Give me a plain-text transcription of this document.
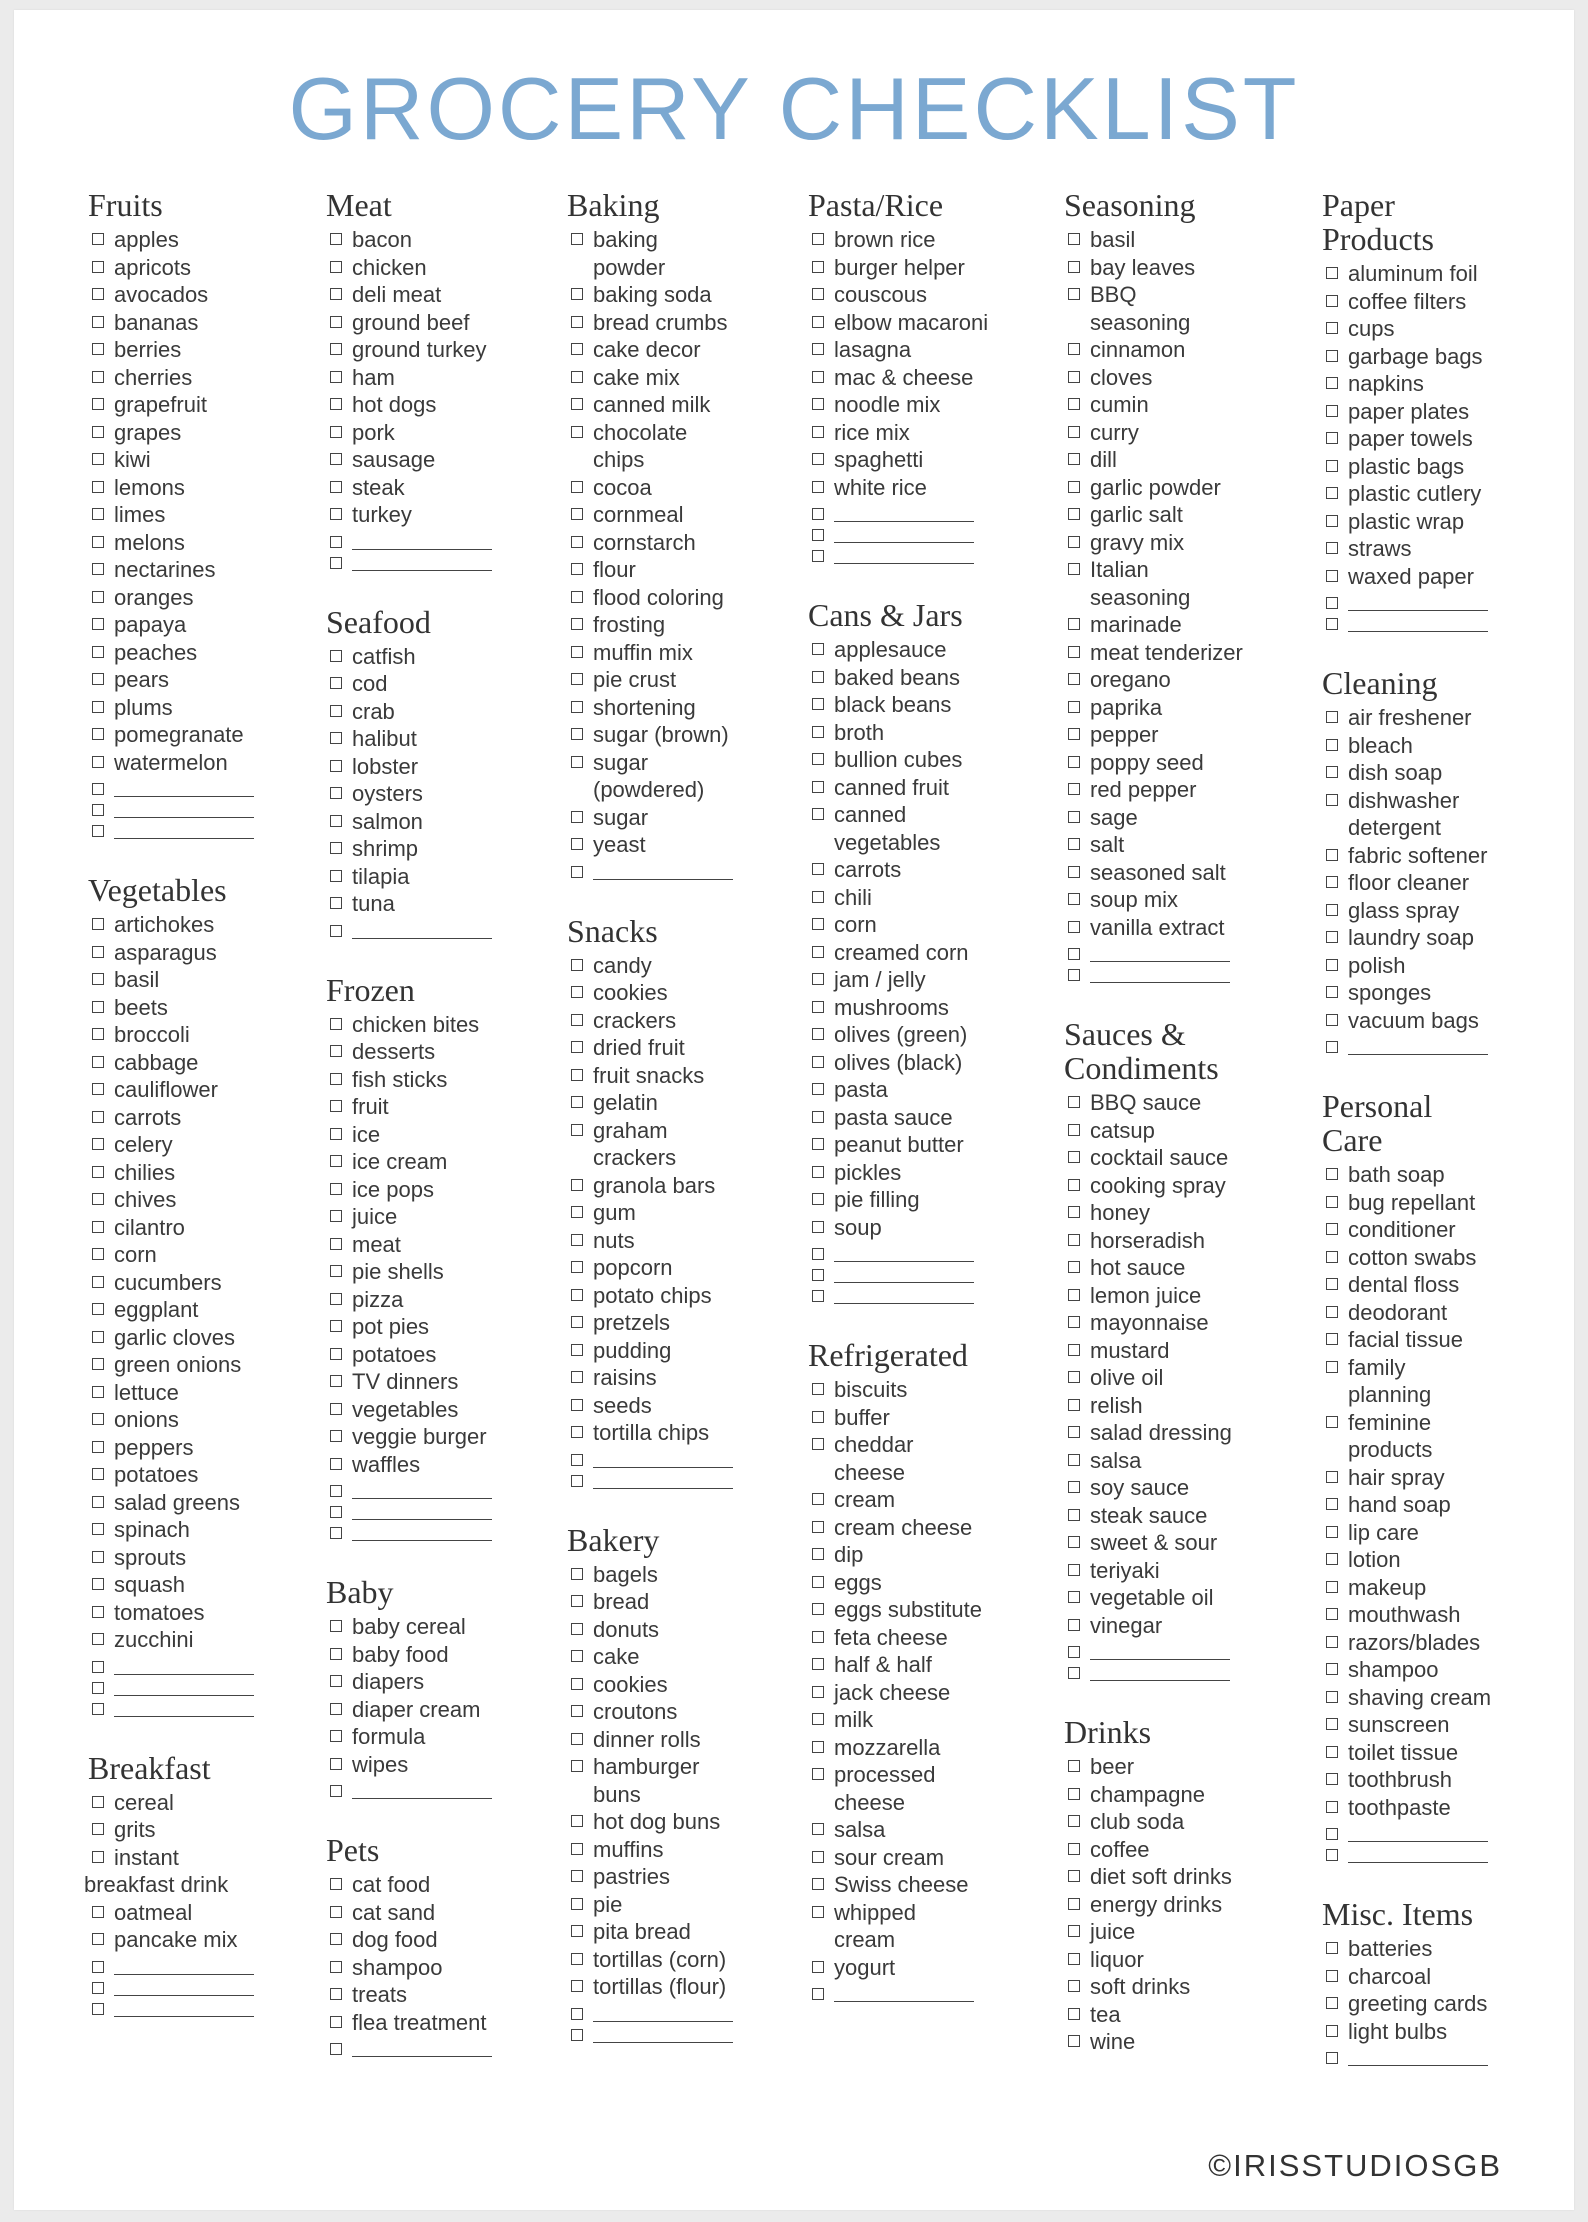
GROCERY CHECKLIST
Fruits
apples
apricots
avocados
bananas
berries
cherries
grapefruit
grapes
kiwi
lemons
limes
melons
nectarines
oranges
papaya
peaches
pears
plums
pomegranate
watermelon
Vegetables
artichokes
asparagus
basil
beets
broccoli
cabbage
cauliflower
carrots
celery
chilies
chives
cilantro
corn
cucumbers
eggplant
garlic cloves
green onions
lettuce
onions
peppers
potatoes
salad greens
spinach
sprouts
squash
tomatoes
zucchini
Breakfast
cereal
grits
instant
breakfast drink
oatmeal
pancake mix
Meat
bacon
chicken
deli meat
ground beef
ground turkey
ham
hot dogs
pork
sausage
steak
turkey
Seafood
catfish
cod
crab
halibut
lobster
oysters
salmon
shrimp
tilapia
tuna
Frozen
chicken bites
desserts
fish sticks
fruit
ice
ice cream
ice pops
juice
meat
pie shells
pizza
pot pies
potatoes
TV dinners
vegetables
veggie burger
waffles
Baby
baby cereal
baby food
diapers
diaper cream
formula
wipes
Pets
cat food
cat sand
dog food
shampoo
treats
flea treatment
Baking
baking
powder
baking soda
bread crumbs
cake decor
cake mix
canned milk
chocolate
chips
cocoa
cornmeal
cornstarch
flour
flood coloring
frosting
muffin mix
pie crust
shortening
sugar (brown)
sugar
(powdered)
sugar
yeast
Snacks
candy
cookies
crackers
dried fruit
fruit snacks
gelatin
graham
crackers
granola bars
gum
nuts
popcorn
potato chips
pretzels
pudding
raisins
seeds
tortilla chips
Bakery
bagels
bread
donuts
cake
cookies
croutons
dinner rolls
hamburger
buns
hot dog buns
muffins
pastries
pie
pita bread
tortillas (corn)
tortillas (flour)
Pasta/Rice
brown rice
burger helper
couscous
elbow macaroni
lasagna
mac & cheese
noodle mix
rice mix
spaghetti
white rice
Cans & Jars
applesauce
baked beans
black beans
broth
bullion cubes
canned fruit
canned
vegetables
carrots
chili
corn
creamed corn
jam / jelly
mushrooms
olives (green)
olives (black)
pasta
pasta sauce
peanut butter
pickles
pie filling
soup
Refrigerated
biscuits
buffer
cheddar
cheese
cream
cream cheese
dip
eggs
eggs substitute
feta cheese
half & half
jack cheese
milk
mozzarella
processed
cheese
salsa
sour cream
Swiss cheese
whipped
cream
yogurt
Seasoning
basil
bay leaves
BBQ
seasoning
cinnamon
cloves
cumin
curry
dill
garlic powder
garlic salt
gravy mix
Italian
seasoning
marinade
meat tenderizer
oregano
paprika
pepper
poppy seed
red pepper
sage
salt
seasoned salt
soup mix
vanilla extract
Sauces &
Condiments
BBQ sauce
catsup
cocktail sauce
cooking spray
honey
horseradish
hot sauce
lemon juice
mayonnaise
mustard
olive oil
relish
salad dressing
salsa
soy sauce
steak sauce
sweet & sour
teriyaki
vegetable oil
vinegar
Drinks
beer
champagne
club soda
coffee
diet soft drinks
energy drinks
juice
liquor
soft drinks
tea
wine
Paper
Products
aluminum foil
coffee filters
cups
garbage bags
napkins
paper plates
paper towels
plastic bags
plastic cutlery
plastic wrap
straws
waxed paper
Cleaning
air freshener
bleach
dish soap
dishwasher
detergent
fabric softener
floor cleaner
glass spray
laundry soap
polish
sponges
vacuum bags
Personal
Care
bath soap
bug repellant
conditioner
cotton swabs
dental floss
deodorant
facial tissue
family
planning
feminine
products
hair spray
hand soap
lip care
lotion
makeup
mouthwash
razors/blades
shampoo
shaving cream
sunscreen
toilet tissue
toothbrush
toothpaste
Misc. Items
batteries
charcoal
greeting cards
light bulbs
©IRISSTUDIOSGB
